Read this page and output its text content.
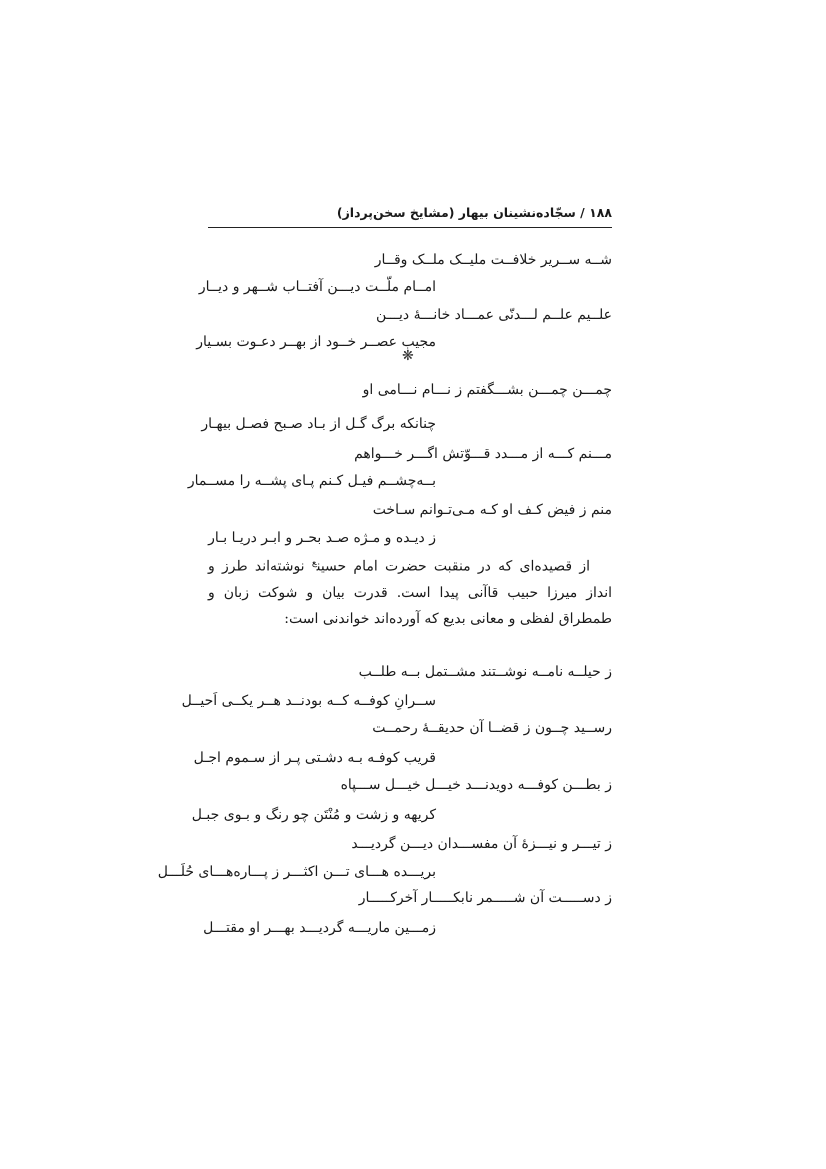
۱۸۸ / سجّاده‌نشینان بیهار (مشایخ سخن‌پرداز)
شــه ســریر خلافــت ملیــک ملــک وقــار
امــام ملّــت دیـــن آفتــاب شــهر و دیــار
علــیم علــم لـــدنّی عمـــاد خانـــهٔ دیـــن
مجیب عصــر خــود از بهــر دعـوت بسـیار
❋
چمـــن چمـــن بشـــگفتم ز نـــام نـــامی او
چنانکه برگ گـل از بـاد صـبح فصـل بیهـار
مـــنم کـــه از مـــدد قـــوّتش اگـــر خـــواهم
بــه‌چشــم فیـل کـنم پـای پشــه را مســمار
منم ز فیض کـف او کـه مـی‌تـوانم سـاخت
ز دیـده و مـژه صـد بحـر و ابـر دریـا بـار

از قصیده‌ای که در منقبت حضرت امام حسین$^ع$ نوشته‌اند طرز و انداز میرزا حبیب قاآنی پیدا است. قدرت بیان و شوکت زبان و طمطراق لفظی و معانی بدیع که آورده‌اند خواندنی است:

ز حیلــه نامــه نوشــتند مشــتمل بــه طلــب
ســرانِ کوفــه کــه بودنــد هــر یکــی اَحیــل
رســید چــون ز قضــا آن حدیقــهٔ رحمــت
قریب کوفـه بـه دشـتی پـر از سـموم اجـل
ز بطـــن کوفـــه دویدنـــد خیـــل خیـــل ســـپاه
کریهه و زشت و مُنْتَن چو رنگ و بـوی جبـل
ز تیـــر و نیـــزهٔ آن مفســـدان دیـــن گردیـــد
بریـــده هـــای تـــن اکثـــر ز پـــاره‌هـــای حُلَـــل
ز دســـــت آن شـــــمر نابکـــــار آخرکـــــار
زمـــین ماریـــه گردیـــد بهـــر او مقتـــل
